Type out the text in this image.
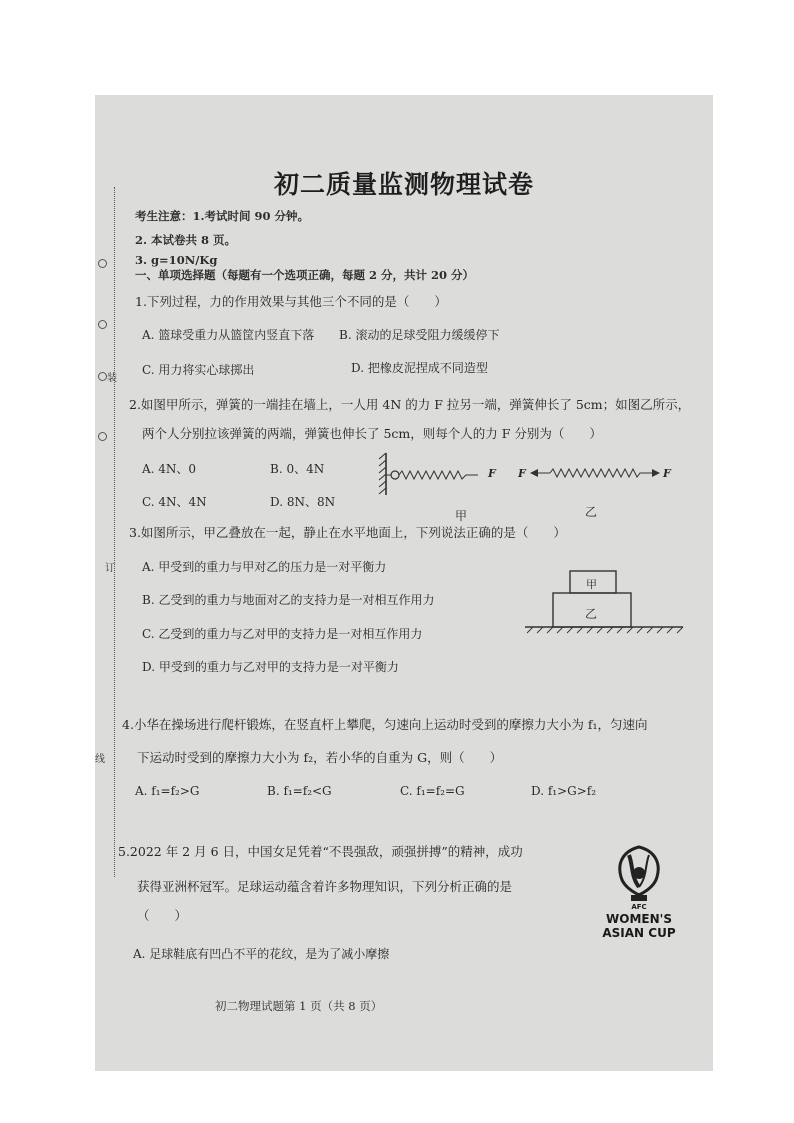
装
订
线
初二质量监测物理试卷
考生注意：1.考试时间 90 分钟。
2. 本试卷共 8 页。
3. g=10N/Kg
一、单项选择题（每题有一个选项正确，每题 2 分，共计 20 分）
1.下列过程，力的作用效果与其他三个不同的是（　　）
A. 篮球受重力从篮筐内竖直下落 B. 滚动的足球受阻力缓缓停下
C. 用力将实心球掷出	D. 把橡皮泥捏成不同造型
2.如图甲所示，弹簧的一端挂在墙上，一人用 4N 的力 F 拉另一端，弹簧伸长了 5cm；如图乙所示，
两个人分别拉该弹簧的两端，弹簧也伸长了 5cm，则每个人的力 F 分别为（　　）
A. 4N、0	B. 0、4N
C. 4N、4N	D. 8N、8N
F
甲
F	F
乙
3.如图所示，甲乙叠放在一起，静止在水平地面上，下列说法正确的是（　　）
A. 甲受到的重力与甲对乙的压力是一对平衡力
B. 乙受到的重力与地面对乙的支持力是一对相互作用力
C. 乙受到的重力与乙对甲的支持力是一对相互作用力
D. 甲受到的重力与乙对甲的支持力是一对平衡力
甲
乙
4.小华在操场进行爬杆锻炼，在竖直杆上攀爬，匀速向上运动时受到的摩擦力大小为 f₁，匀速向
下运动时受到的摩擦力大小为 f₂，若小华的自重为 G，则（　　）
A. f₁=f₂>G	B. f₁=f₂<G	C. f₁=f₂=G	D. f₁>G>f₂
5.2022 年 2 月 6 日，中国女足凭着“不畏强敌，顽强拼搏”的精神，成功
获得亚洲杯冠军。足球运动蕴含着许多物理知识，下列分析正确的是
（　　）
A. 足球鞋底有凹凸不平的花纹，是为了减小摩擦
AFC
WOMEN'S
ASIAN CUP
初二物理试题第 1 页（共 8 页）
